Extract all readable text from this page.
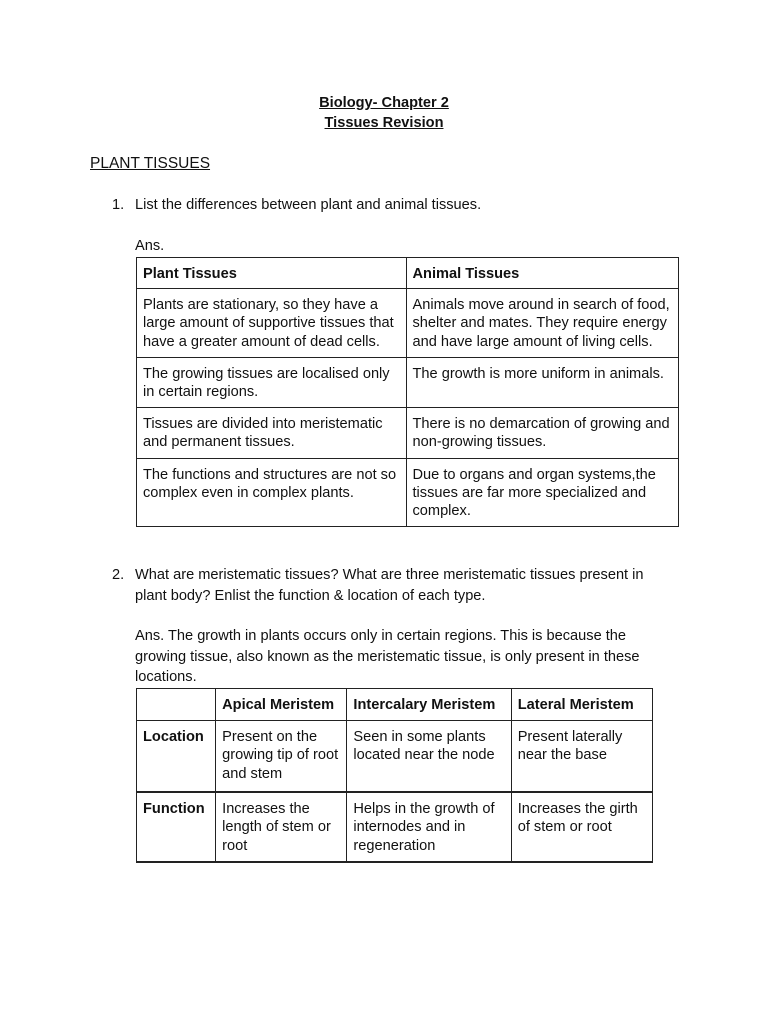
Biology- Chapter 2
Tissues Revision
PLANT TISSUES
1. List the differences between plant and animal tissues.
Ans.
Plant Tissues	Animal Tissues
Plants are stationary, so they have a large amount of supportive tissues that have a greater amount of dead cells.	Animals move around in search of food, shelter and mates. They require energy and have large amount of living cells.
The growing tissues are localised only in certain regions.	The growth is more uniform in animals.
Tissues are divided into meristematic and permanent tissues.	There is no demarcation of growing and non-growing tissues.
The functions and structures are not so complex even in complex plants.	Due to organs and organ systems,the tissues are far more specialized and complex.
2. What are meristematic tissues? What are three meristematic tissues present in plant body? Enlist the function & location of each type.
Ans. The growth in plants occurs only in certain regions. This is because the growing tissue, also known as the meristematic tissue, is only present in these locations.
	Apical Meristem	Intercalary Meristem	Lateral Meristem
Location	Present on the growing tip of root and stem	Seen in some plants located near the node	Present laterally near the base
Function	Increases the length of stem or root	Helps in the growth of internodes and in regeneration	Increases the girth of stem or root
